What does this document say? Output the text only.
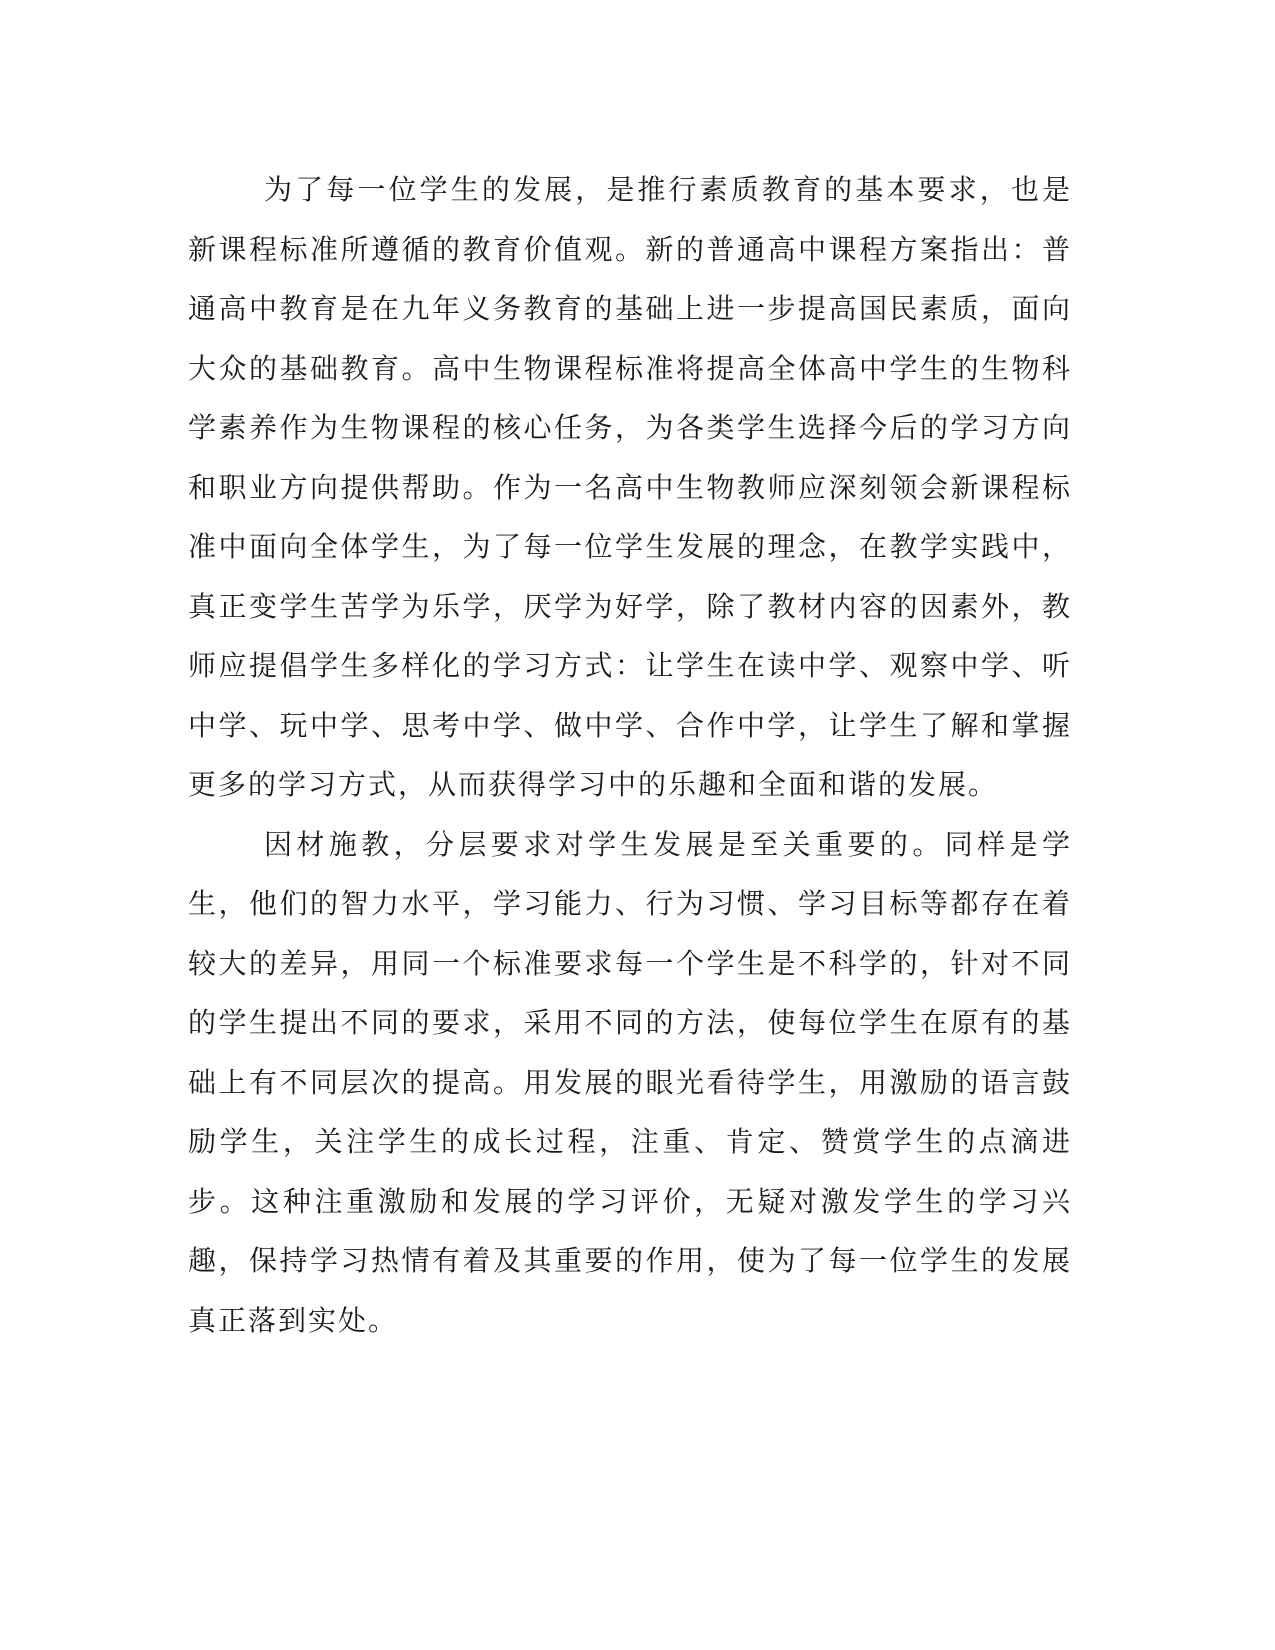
为了每一位学生的发展，是推行素质教育的基本要求，也是新课程标准所遵循的教育价值观。新的普通高中课程方案指出：普通高中教育是在九年义务教育的基础上进一步提高国民素质，面向大众的基础教育。高中生物课程标准将提高全体高中学生的生物科学素养作为生物课程的核心任务，为各类学生选择今后的学习方向和职业方向提供帮助。作为一名高中生物教师应深刻领会新课程标准中面向全体学生，为了每一位学生发展的理念，在教学实践中，真正变学生苦学为乐学，厌学为好学，除了教材内容的因素外，教师应提倡学生多样化的学习方式：让学生在读中学、观察中学、听中学、玩中学、思考中学、做中学、合作中学，让学生了解和掌握更多的学习方式，从而获得学习中的乐趣和全面和谐的发展。

因材施教，分层要求对学生发展是至关重要的。同样是学生，他们的智力水平，学习能力、行为习惯、学习目标等都存在着较大的差异，用同一个标准要求每一个学生是不科学的，针对不同的学生提出不同的要求，采用不同的方法，使每位学生在原有的基础上有不同层次的提高。用发展的眼光看待学生，用激励的语言鼓励学生，关注学生的成长过程，注重、肯定、赞赏学生的点滴进步。这种注重激励和发展的学习评价，无疑对激发学生的学习兴趣，保持学习热情有着及其重要的作用，使为了每一位学生的发展真正落到实处。
